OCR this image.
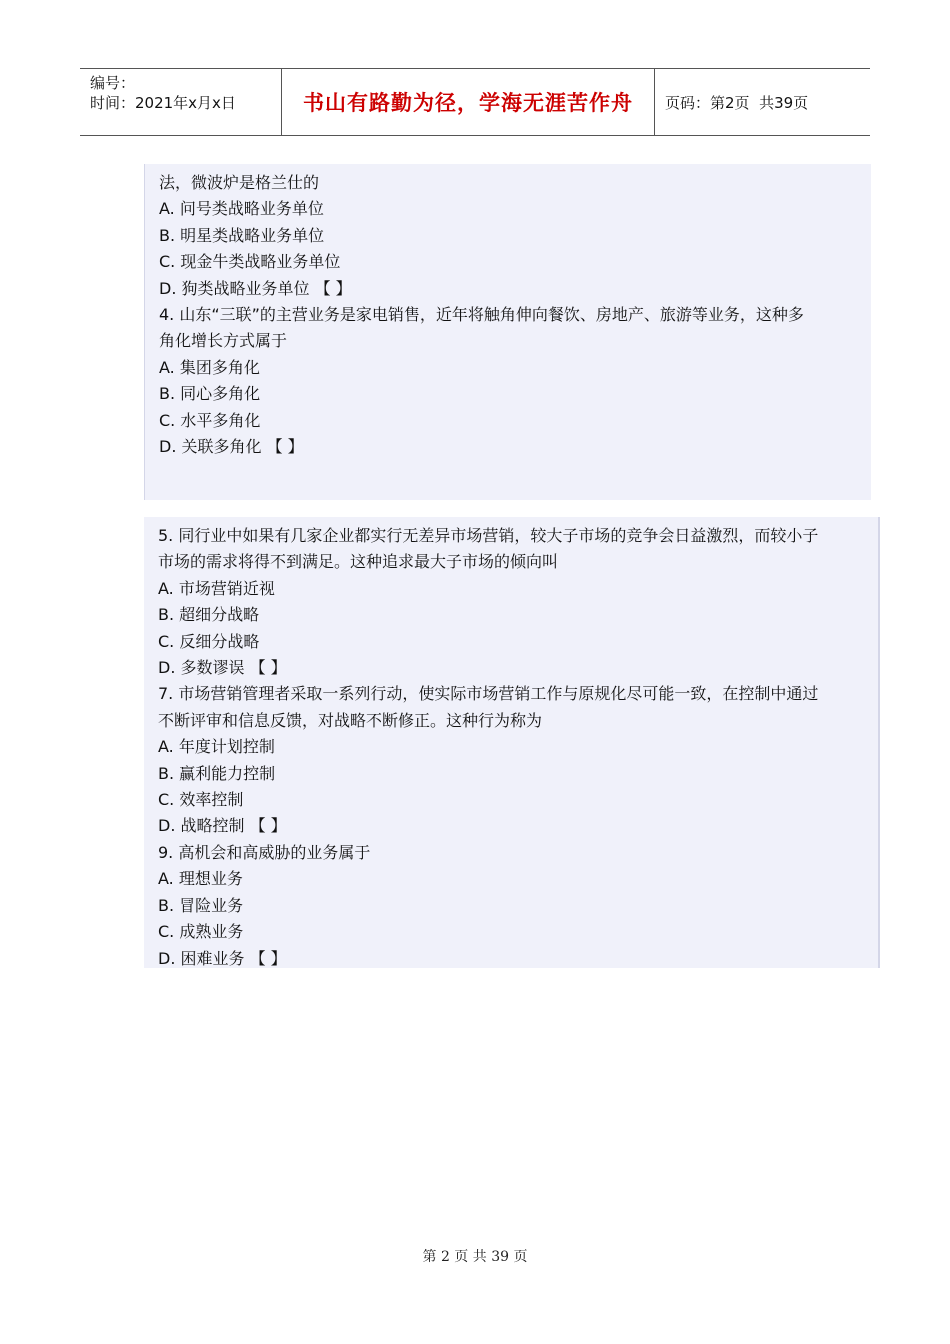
编号：
时间：2021年x月x日	书山有路勤为径，学海无涯苦作舟	页码：第2页  共39页
法，微波炉是格兰仕的
A. 问号类战略业务单位
B. 明星类战略业务单位
C. 现金牛类战略业务单位
D. 狗类战略业务单位 【 】
4. 山东“三联”的主营业务是家电销售，近年将触角伸向餐饮、房地产、旅游等业务，这种多
角化增长方式属于
A. 集团多角化
B. 同心多角化
C. 水平多角化
D. 关联多角化 【 】
5. 同行业中如果有几家企业都实行无差异市场营销，较大子市场的竞争会日益激烈，而较小子
市场的需求将得不到满足。这种追求最大子市场的倾向叫
A. 市场营销近视
B. 超细分战略
C. 反细分战略
D. 多数谬误 【 】
7. 市场营销管理者采取一系列行动，使实际市场营销工作与原规化尽可能一致，在控制中通过
不断评审和信息反馈，对战略不断修正。这种行为称为
A. 年度计划控制
B. 赢利能力控制
C. 效率控制
D. 战略控制 【 】
9. 高机会和高威胁的业务属于
A. 理想业务
B. 冒险业务
C. 成熟业务
D. 困难业务 【 】
第 2 页 共 39 页
